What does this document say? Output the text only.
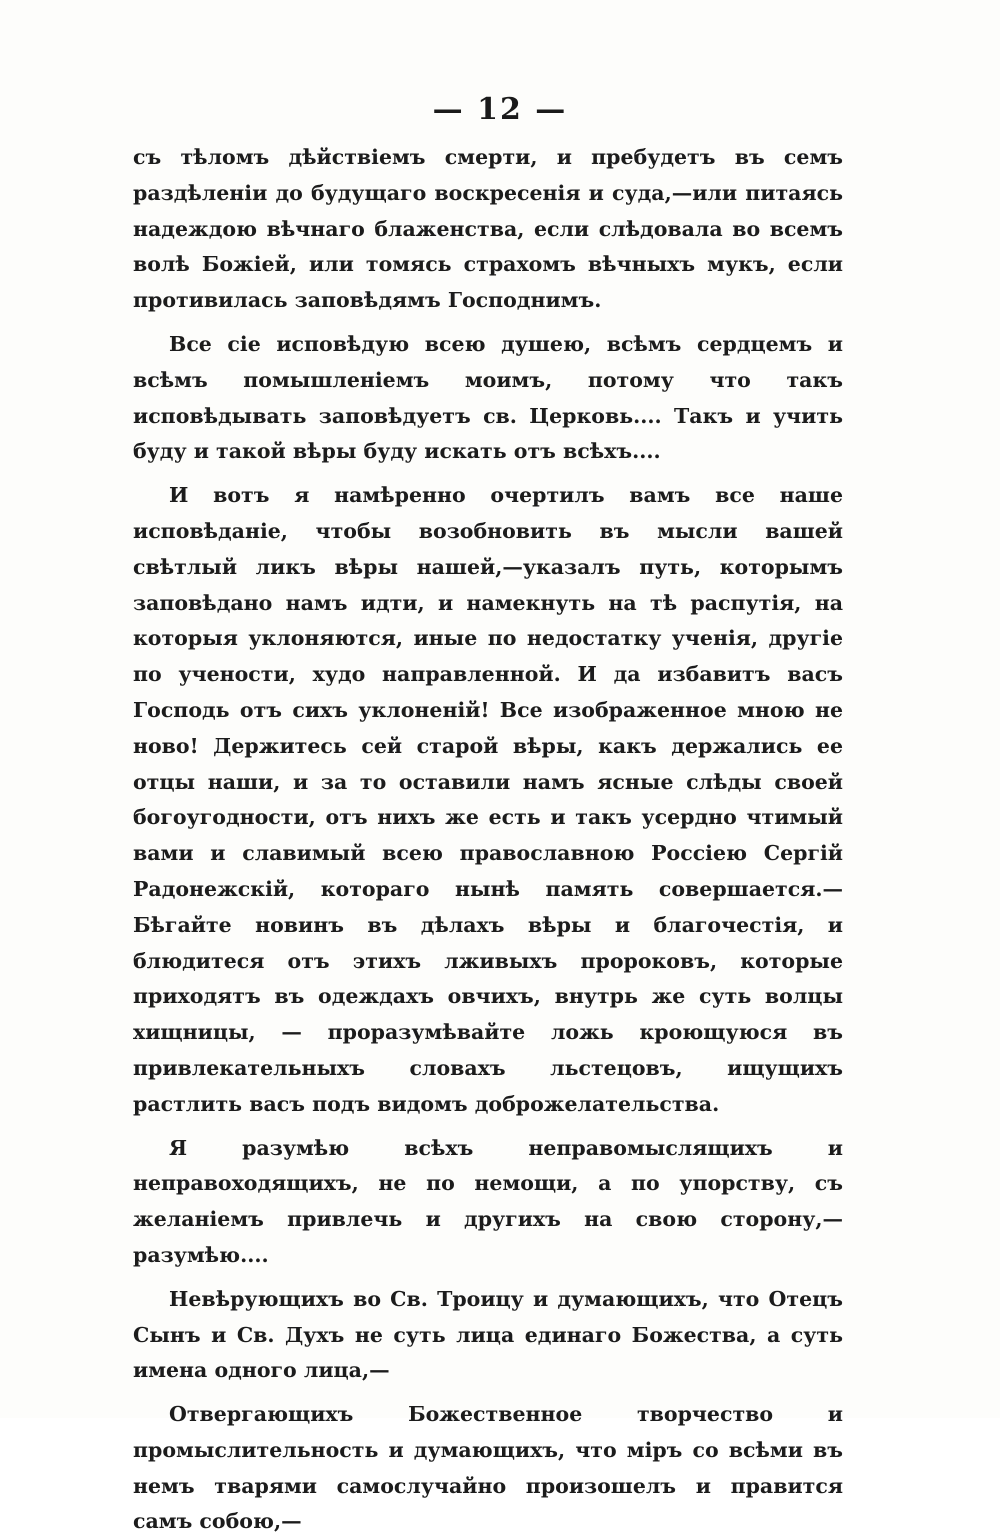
— 12 —

съ тѣломъ дѣйствіемъ смерти, и пребудетъ въ семъ раздѣленіи до будущаго воскресенія и суда,—или питаясь надеждою вѣчнаго блаженства, если слѣдовала во всемъ волѣ Божіей, или томясь страхомъ вѣчныхъ мукъ, если противилась заповѣдямъ Господнимъ.

Все сіе исповѣдую всею душею, всѣмъ сердцемъ и всѣмъ помышленіемъ моимъ, потому что такъ исповѣдывать заповѣдуетъ св. Церковь.... Такъ и учить буду и такой вѣры буду искать отъ всѣхъ....

И вотъ я намѣренно очертилъ вамъ все наше исповѣданіе, чтобы возобновить въ мысли вашей свѣтлый ликъ вѣры нашей,—указалъ путь, которымъ заповѣдано намъ идти, и намекнуть на тѣ распутія, на которыя уклоняются, иные по недостатку ученія, другіе по учености, худо направленной. И да избавитъ васъ Господь отъ сихъ уклоненій! Все изображенное мною не ново! Держитесь сей старой вѣры, какъ держались ее отцы наши, и за то оставили намъ ясные слѣды своей богоугодности, отъ нихъ же есть и такъ усердно чтимый вами и славимый всею православною Россіею Сергій Радонежскій, котораго нынѣ память совершается.—Бѣгайте новинъ въ дѣлахъ вѣры и благочестія, и блюдитеся отъ этихъ лживыхъ пророковъ, которые приходятъ въ одеждахъ овчихъ, внутрь же суть волцы хищницы, — проразумѣвайте ложь кроющуюся въ привлекательныхъ словахъ льстецовъ, ищущихъ растлить васъ подъ видомъ доброжелательства.

Я разумѣю всѣхъ неправомыслящихъ и неправоходящихъ, не по немощи, а по упорству, съ желаніемъ привлечь и другихъ на свою сторону,—разумѣю....

Невѣрующихъ во Св. Троицу и думающихъ, что Отецъ Сынъ и Св. Духъ не суть лица единаго Божества, а суть имена одного лица,—

Отвергающихъ Божественное творчество и промыслительность и думающихъ, что міръ со всѣми въ немъ тварями самослучайно произошелъ и правится самъ собою,—
